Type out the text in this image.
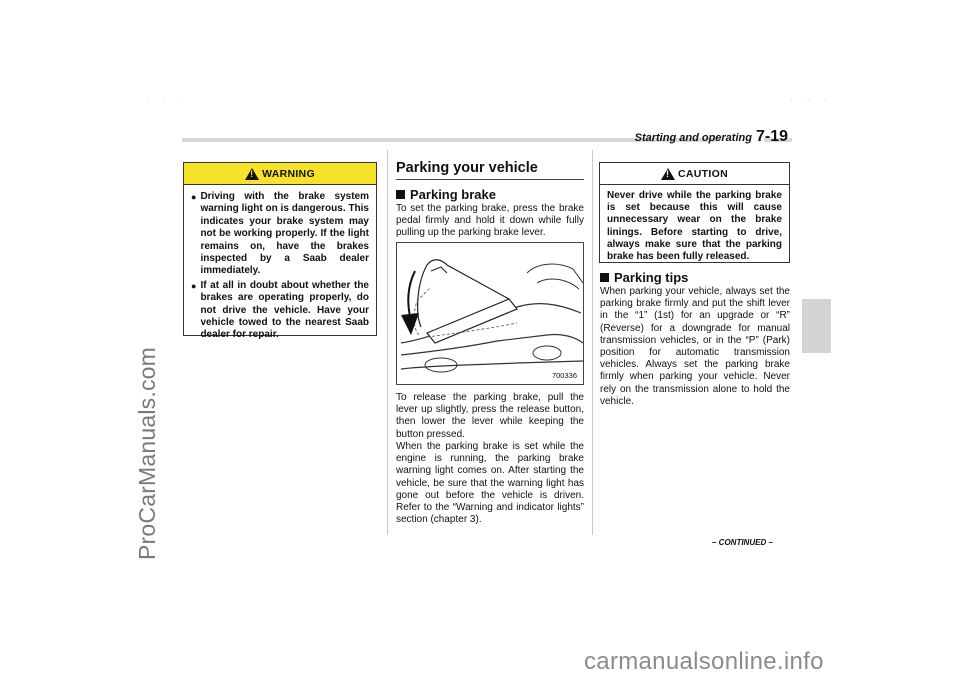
ProCarManuals.com
· · ·	· · ·
Starting and operating 7-19
!
WARNING
● Driving with the brake system warning light on is dangerous. This indicates your brake system may not be working properly. If the light remains on, have the brakes inspected by a Saab dealer immediately.
● If at all in doubt about whether the brakes are operating properly, do not drive the vehicle. Have your vehicle towed to the nearest Saab dealer for repair.
Parking your vehicle
Parking brake
To set the parking brake, press the brake pedal firmly and hold it down while fully pulling up the parking brake lever.
700336
To release the parking brake, pull the lever up slightly, press the release button, then lower the lever while keeping the button pressed.
When the parking brake is set while the engine is running, the parking brake warning light comes on. After starting the vehicle, be sure that the warning light has gone out before the vehicle is driven. Refer to the “Warning and indicator lights” section (chapter 3).
!
CAUTION
Never drive while the parking brake is set because this will cause unnecessary wear on the brake linings. Before starting to drive, always make sure that the parking brake has been fully released.
Parking tips
When parking your vehicle, always set the parking brake firmly and put the shift lever in the “1” (1st) for an upgrade or “R” (Reverse) for a downgrade for manual transmission vehicles, or in the “P” (Park) position for automatic transmission vehicles. Always set the parking brake firmly when parking your vehicle. Never rely on the transmission alone to hold the vehicle.
– CONTINUED –
carmanualsonline.info
